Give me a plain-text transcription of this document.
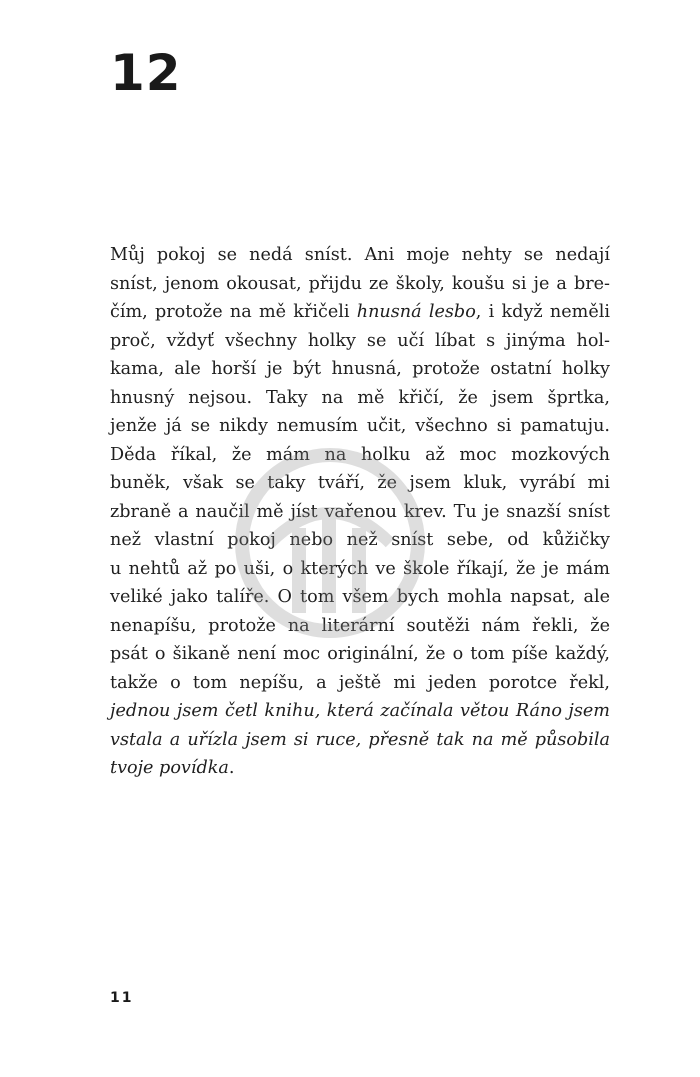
12
Můj pokoj se nedá sníst. Ani moje nehty se nedají
sníst, jenom okousat, přijdu ze školy, koušu si je a bre-
čím, protože na mě křičeli hnusná lesbo, i když neměli
proč, vždyť všechny holky se učí líbat s jinýma hol-
kama, ale horší je být hnusná, protože ostatní holky
hnusný nejsou. Taky na mě křičí, že jsem šprtka,
jenže já se nikdy nemusím učit, všechno si pamatuju.
Děda říkal, že mám na holku až moc mozkových
buněk, však se taky tváří, že jsem kluk, vyrábí mi
zbraně a naučil mě jíst vařenou krev. Tu je snazší sníst
než vlastní pokoj nebo než sníst sebe, od kůžičky
u nehtů až po uši, o kterých ve škole říkají, že je mám
veliké jako talíře. O tom všem bych mohla napsat, ale
nenapíšu, protože na literární soutěži nám řekli, že
psát o šikaně není moc originální, že o tom píše každý,
takže o tom nepíšu, a ještě mi jeden porotce řekl,
jednou jsem četl knihu, která začínala větou Ráno jsem
vstala a uřízla jsem si ruce, přesně tak na mě působila
tvoje povídka.
11
